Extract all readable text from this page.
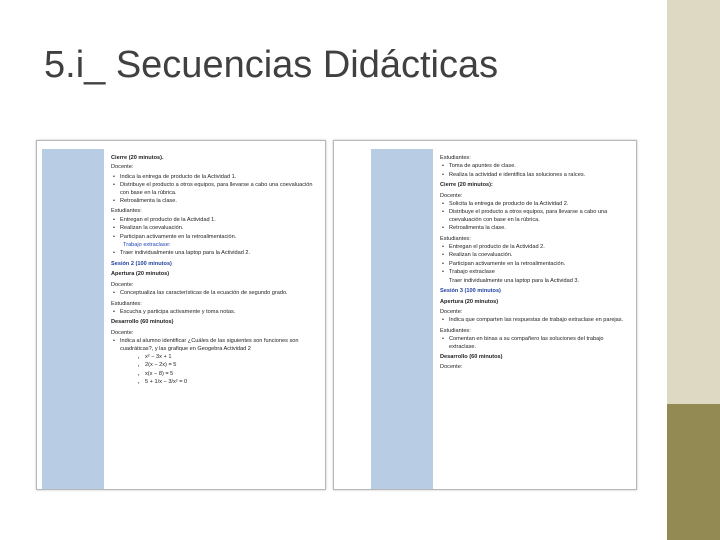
5.i_ Secuencias Didácticas
Cierre (20 minutos).
Docente:
• Indica la entrega de producto de la Actividad 1.
• Distribuye el producto a otros equipos, para llevarse a cabo una coevaluación con base en la rúbrica.
• Retroalimenta la clase.
Estudiantes:
• Entregan el producto de la Actividad 1.
• Realizan la coevaluación.
• Participan activamente en la retroalimentación.
Trabajo extraclase:
• Traer individualmente una laptop para la Actividad 2.
Sesión 2 (100 minutos)
Apertura (20 minutos)
Docente:
• Conceptualiza las características de la ecuación de segundo grado.
Estudiantes:
• Escucha y participa activamente y toma notas.
Desarrollo (60 minutos)
Docente:
• Indica al alumno identificar ¿Cuáles de las siguientes son funciones son cuadráticas?, y las grafique en Geogebra Actividad 2
▪ x² − 3x + 1
▪ 2(x − 2x) = 5
▪ x(x − 8) = 5
▪ 5 + 1/x − 3/x² = 0
Estudiantes:
• Toma de apuntes de clase.
• Realiza la actividad e identifica las soluciones a raíces.
Cierre (20 minutos):
Docente:
• Solicita la entrega de producto de la Actividad 2.
• Distribuye el producto a otros equipos, para llevarse a cabo una coevaluación con base en la rúbrica.
• Retroalimenta la clase.
Estudiantes:
• Entregan el producto de la Actividad 2.
• Realizan la coevaluación.
• Participan activamente en la retroalimentación.
• Trabajo extraclase
Traer individualmente una laptop para la Actividad 3.
Sesión 3 (100 minutos)
Apertura (20 minutos)
Docente:
• Indica que comparten las respuestas de trabajo extraclase en parejas.
Estudiantes:
• Comentan en binas a su compañero las soluciones del trabajo extraclase.
Desarrollo (60 minutos)
Docente:
